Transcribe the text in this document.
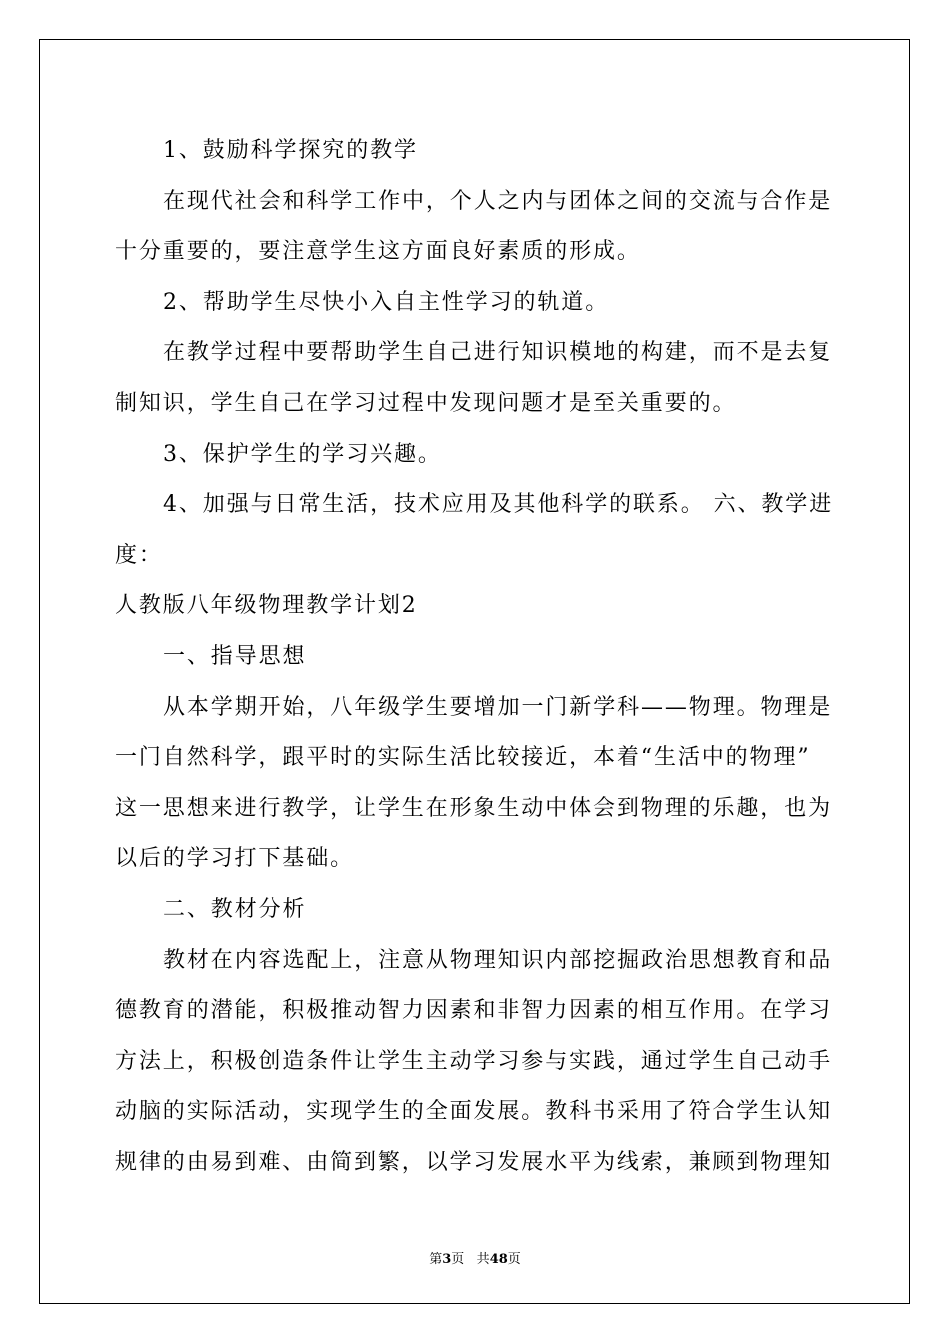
1、鼓励科学探究的教学
在现代社会和科学工作中，个人之内与团体之间的交流与合作是
十分重要的，要注意学生这方面良好素质的形成。
2、帮助学生尽快小入自主性学习的轨道。
在教学过程中要帮助学生自己进行知识模地的构建，而不是去复
制知识，学生自己在学习过程中发现问题才是至关重要的。
3、保护学生的学习兴趣。
4、加强与日常生活，技术应用及其他科学的联系。 六、教学进
度：
人教版八年级物理教学计划2
一、指导思想
从本学期开始，八年级学生要增加一门新学科——物理。物理是
一门自然科学，跟平时的实际生活比较接近，本着“生活中的物理”
这一思想来进行教学，让学生在形象生动中体会到物理的乐趣，也为
以后的学习打下基础。
二、教材分析
教材在内容选配上，注意从物理知识内部挖掘政治思想教育和品
德教育的潜能，积极推动智力因素和非智力因素的相互作用。在学习
方法上，积极创造条件让学生主动学习参与实践，通过学生自己动手
动脑的实际活动，实现学生的全面发展。教科书采用了符合学生认知
规律的由易到难、由简到繁，以学习发展水平为线索，兼顾到物理知
第3页 共48页
